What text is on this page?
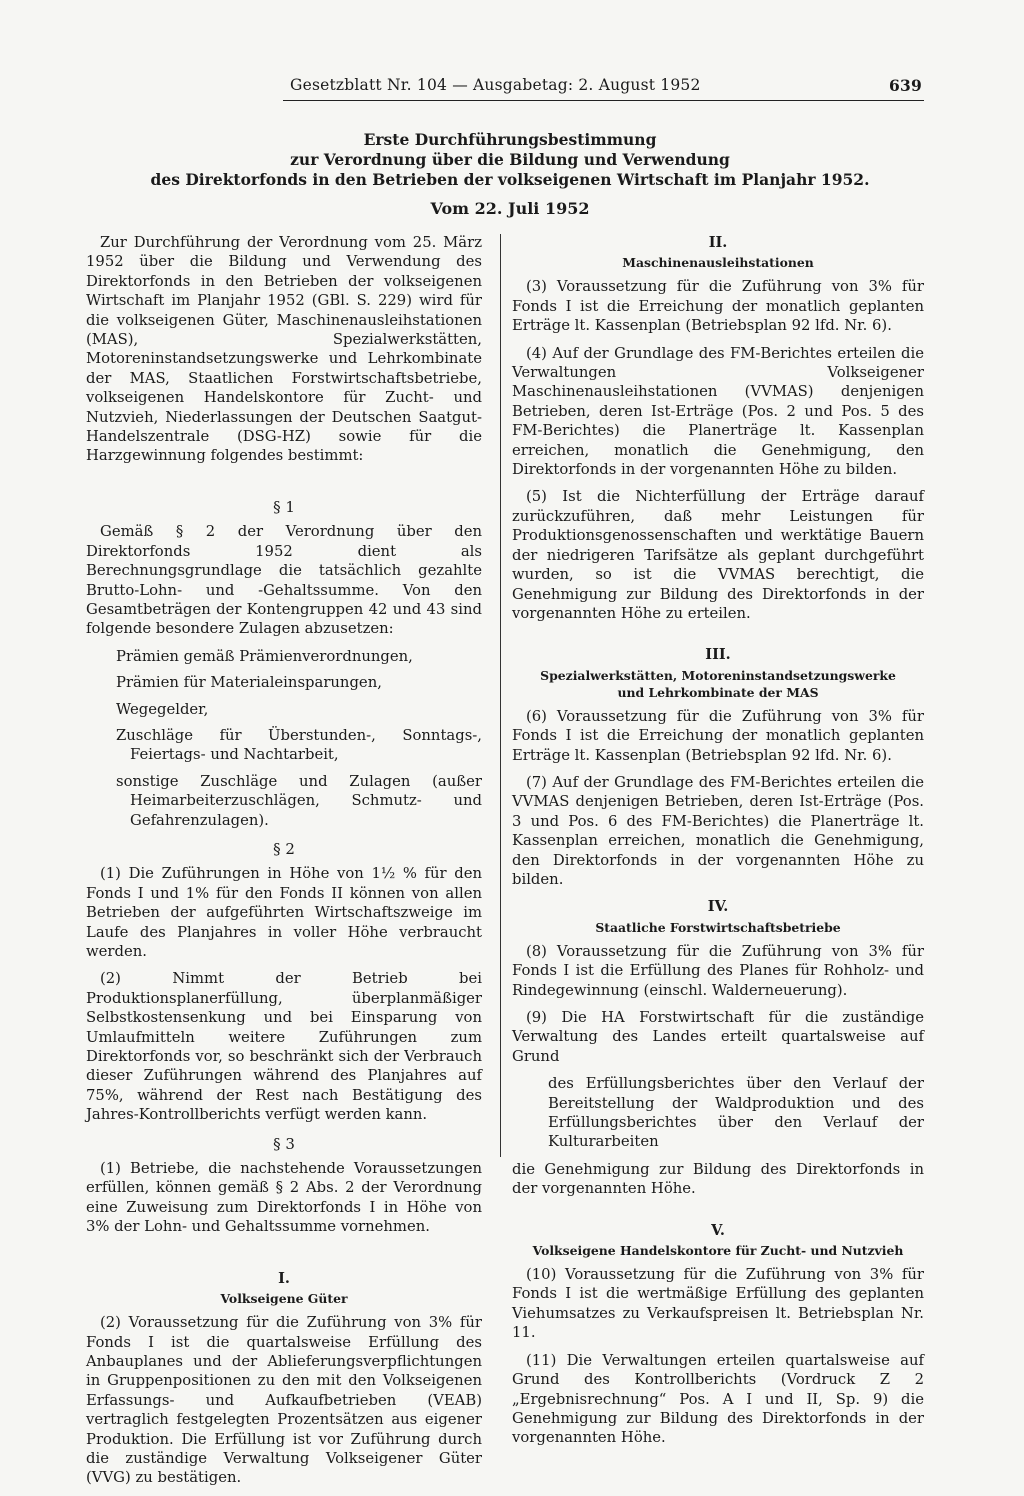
Gesetzblatt Nr. 104 — Ausgabetag: 2. August 1952	639
Erste Durchführungsbestimmung
zur Verordnung über die Bildung und Verwendung
des Direktorfonds in den Betrieben der volkseigenen Wirtschaft im Planjahr 1952.
Vom 22. Juli 1952

Zur Durchführung der Verordnung vom 25. März 1952 über die Bildung und Verwendung des Direktorfonds in den Betrieben der volkseigenen Wirtschaft im Planjahr 1952 (GBl. S. 229) wird für die volkseigenen Güter, Maschinenausleihstationen (MAS), Spezialwerkstätten, Motoreninstandsetzungswerke und Lehrkombinate der MAS, Staatlichen Forstwirtschaftsbetriebe, volkseigenen Handelskontore für Zucht- und Nutzvieh, Niederlassungen der Deutschen Saatgut-Handelszentrale (DSG-HZ) sowie für die Harzgewinnung folgendes bestimmt:

§ 1

Gemäß § 2 der Verordnung über den Direktorfonds 1952 dient als Berechnungsgrundlage die tatsächlich gezahlte Brutto-Lohn- und -Gehaltssumme. Von den Gesamtbeträgen der Kontengruppen 42 und 43 sind folgende besondere Zulagen abzusetzen:

Prämien gemäß Prämienverordnungen,
Prämien für Materialeinsparungen,
Wegegelder,
Zuschläge für Überstunden-, Sonntags-, Feiertags- und Nachtarbeit,
sonstige Zuschläge und Zulagen (außer Heimarbeiterzuschlägen, Schmutz- und Gefahrenzulagen).
§ 2

(1) Die Zuführungen in Höhe von 1½ % für den Fonds I und 1% für den Fonds II können von allen Betrieben der aufgeführten Wirtschaftszweige im Laufe des Planjahres in voller Höhe verbraucht werden.

(2) Nimmt der Betrieb bei Produktionsplanerfüllung, überplanmäßiger Selbstkostensenkung und bei Einsparung von Umlaufmitteln weitere Zuführungen zum Direktorfonds vor, so beschränkt sich der Verbrauch dieser Zuführungen während des Planjahres auf 75%, während der Rest nach Bestätigung des Jahres-Kontrollberichts verfügt werden kann.

§ 3

(1) Betriebe, die nachstehende Voraussetzungen erfüllen, können gemäß § 2 Abs. 2 der Verordnung eine Zuweisung zum Direktorfonds I in Höhe von 3% der Lohn- und Gehaltssumme vornehmen.

I.
Volkseigene Güter

(2) Voraussetzung für die Zuführung von 3% für Fonds I ist die quartalsweise Erfüllung des Anbauplanes und der Ablieferungsverpflichtungen in Gruppenpositionen zu den mit den Volkseigenen Erfassungs- und Aufkaufbetrieben (VEAB) vertraglich festgelegten Prozentsätzen aus eigener Produktion. Die Erfüllung ist vor Zuführung durch die zuständige Verwaltung Volkseigener Güter (VVG) zu bestätigen.

II.
Maschinenausleihstationen

(3) Voraussetzung für die Zuführung von 3% für Fonds I ist die Erreichung der monatlich geplanten Erträge lt. Kassenplan (Betriebsplan 92 lfd. Nr. 6).

(4) Auf der Grundlage des FM-Berichtes erteilen die Verwaltungen Volkseigener Maschinenausleihstationen (VVMAS) denjenigen Betrieben, deren Ist-Erträge (Pos. 2 und Pos. 5 des FM-Berichtes) die Planerträge lt. Kassenplan erreichen, monatlich die Genehmigung, den Direktorfonds in der vorgenannten Höhe zu bilden.

(5) Ist die Nichterfüllung der Erträge darauf zurückzuführen, daß mehr Leistungen für Produktionsgenossenschaften und werktätige Bauern der niedrigeren Tarifsätze als geplant durchgeführt wurden, so ist die VVMAS berechtigt, die Genehmigung zur Bildung des Direktorfonds in der vorgenannten Höhe zu erteilen.

III.
Spezialwerkstätten, Motoreninstandsetzungswerke
und Lehrkombinate der MAS

(6) Voraussetzung für die Zuführung von 3% für Fonds I ist die Erreichung der monatlich geplanten Erträge lt. Kassenplan (Betriebsplan 92 lfd. Nr. 6).

(7) Auf der Grundlage des FM-Berichtes erteilen die VVMAS denjenigen Betrieben, deren Ist-Erträge (Pos. 3 und Pos. 6 des FM-Berichtes) die Planerträge lt. Kassenplan erreichen, monatlich die Genehmigung, den Direktorfonds in der vorgenannten Höhe zu bilden.

IV.
Staatliche Forstwirtschaftsbetriebe

(8) Voraussetzung für die Zuführung von 3% für Fonds I ist die Erfüllung des Planes für Rohholz- und Rindegewinnung (einschl. Walderneuerung).

(9) Die HA Forstwirtschaft für die zuständige Verwaltung des Landes erteilt quartalsweise auf Grund

des Erfüllungsberichtes über den Verlauf der Bereitstellung der Waldproduktion und des Erfüllungsberichtes über den Verlauf der Kulturarbeiten

die Genehmigung zur Bildung des Direktorfonds in der vorgenannten Höhe.

V.
Volkseigene Handelskontore für Zucht- und Nutzvieh

(10) Voraussetzung für die Zuführung von 3% für Fonds I ist die wertmäßige Erfüllung des geplanten Viehumsatzes zu Verkaufspreisen lt. Betriebsplan Nr. 11.

(11) Die Verwaltungen erteilen quartalsweise auf Grund des Kontrollberichts (Vordruck Z 2 „Ergebnisrechnung“ Pos. A I und II, Sp. 9) die Genehmigung zur Bildung des Direktorfonds in der vorgenannten Höhe.
